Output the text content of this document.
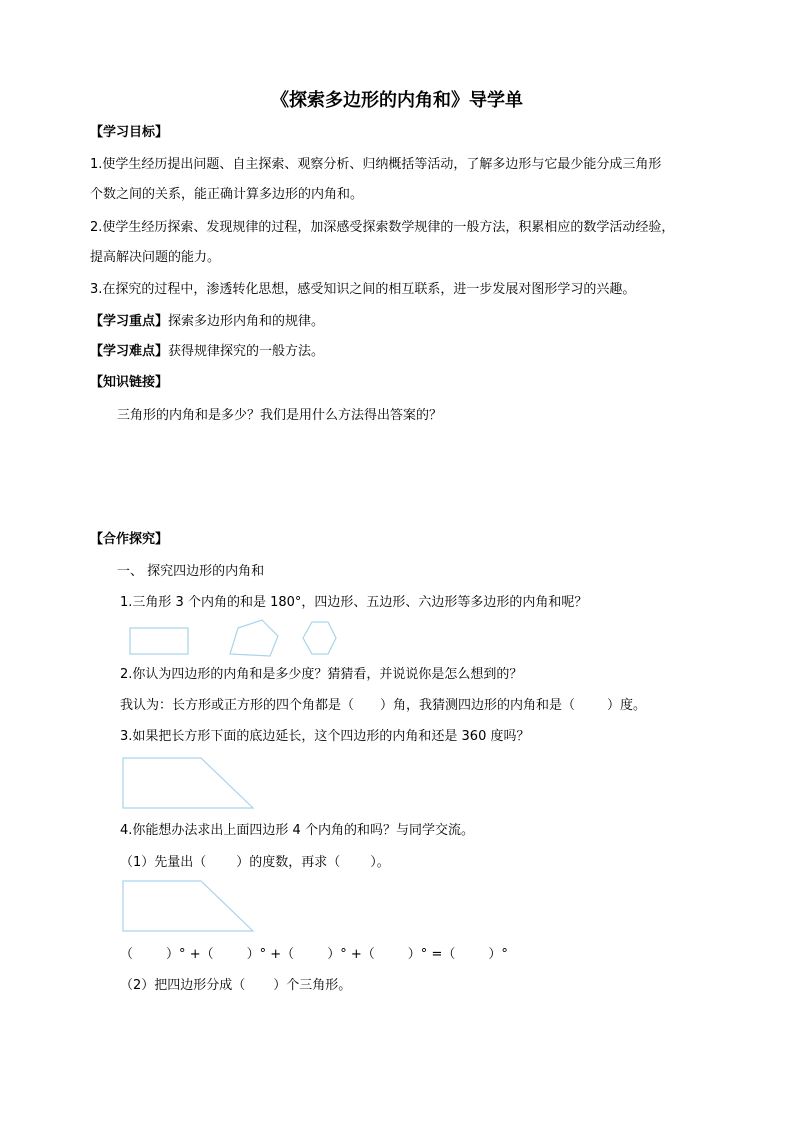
《探索多边形的内角和》导学单
【学习目标】
1.使学生经历提出问题、自主探索、观察分析、归纳概括等活动，了解多边形与它最少能分成三角形
个数之间的关系，能正确计算多边形的内角和。
2.使学生经历探索、发现规律的过程，加深感受探索数学规律的一般方法，积累相应的数学活动经验，
提高解决问题的能力。
3.在探究的过程中，渗透转化思想，感受知识之间的相互联系，进一步发展对图形学习的兴趣。
【学习重点】探索多边形内角和的规律。
【学习难点】获得规律探究的一般方法。
【知识链接】
三角形的内角和是多少？我们是用什么方法得出答案的？
【合作探究】
一、 探究四边形的内角和
1.三角形 3 个内角的和是 180°，四边形、五边形、六边形等多边形的内角和呢？
2.你认为四边形的内角和是多少度？猜猜看，并说说你是怎么想到的？
我认为：长方形或正方形的四个角都是（ ）角，我猜测四边形的内角和是（ ）度。
3.如果把长方形下面的底边延长，这个四边形的内角和还是 360 度吗？
4.你能想办法求出上面四边形 4 个内角的和吗？与同学交流。
（1）先量出（ ）的度数，再求（ ）。
（        ）° +（        ）° +（        ）° +（        ）° =（        ）°
（2）把四边形分成（ ）个三角形。
